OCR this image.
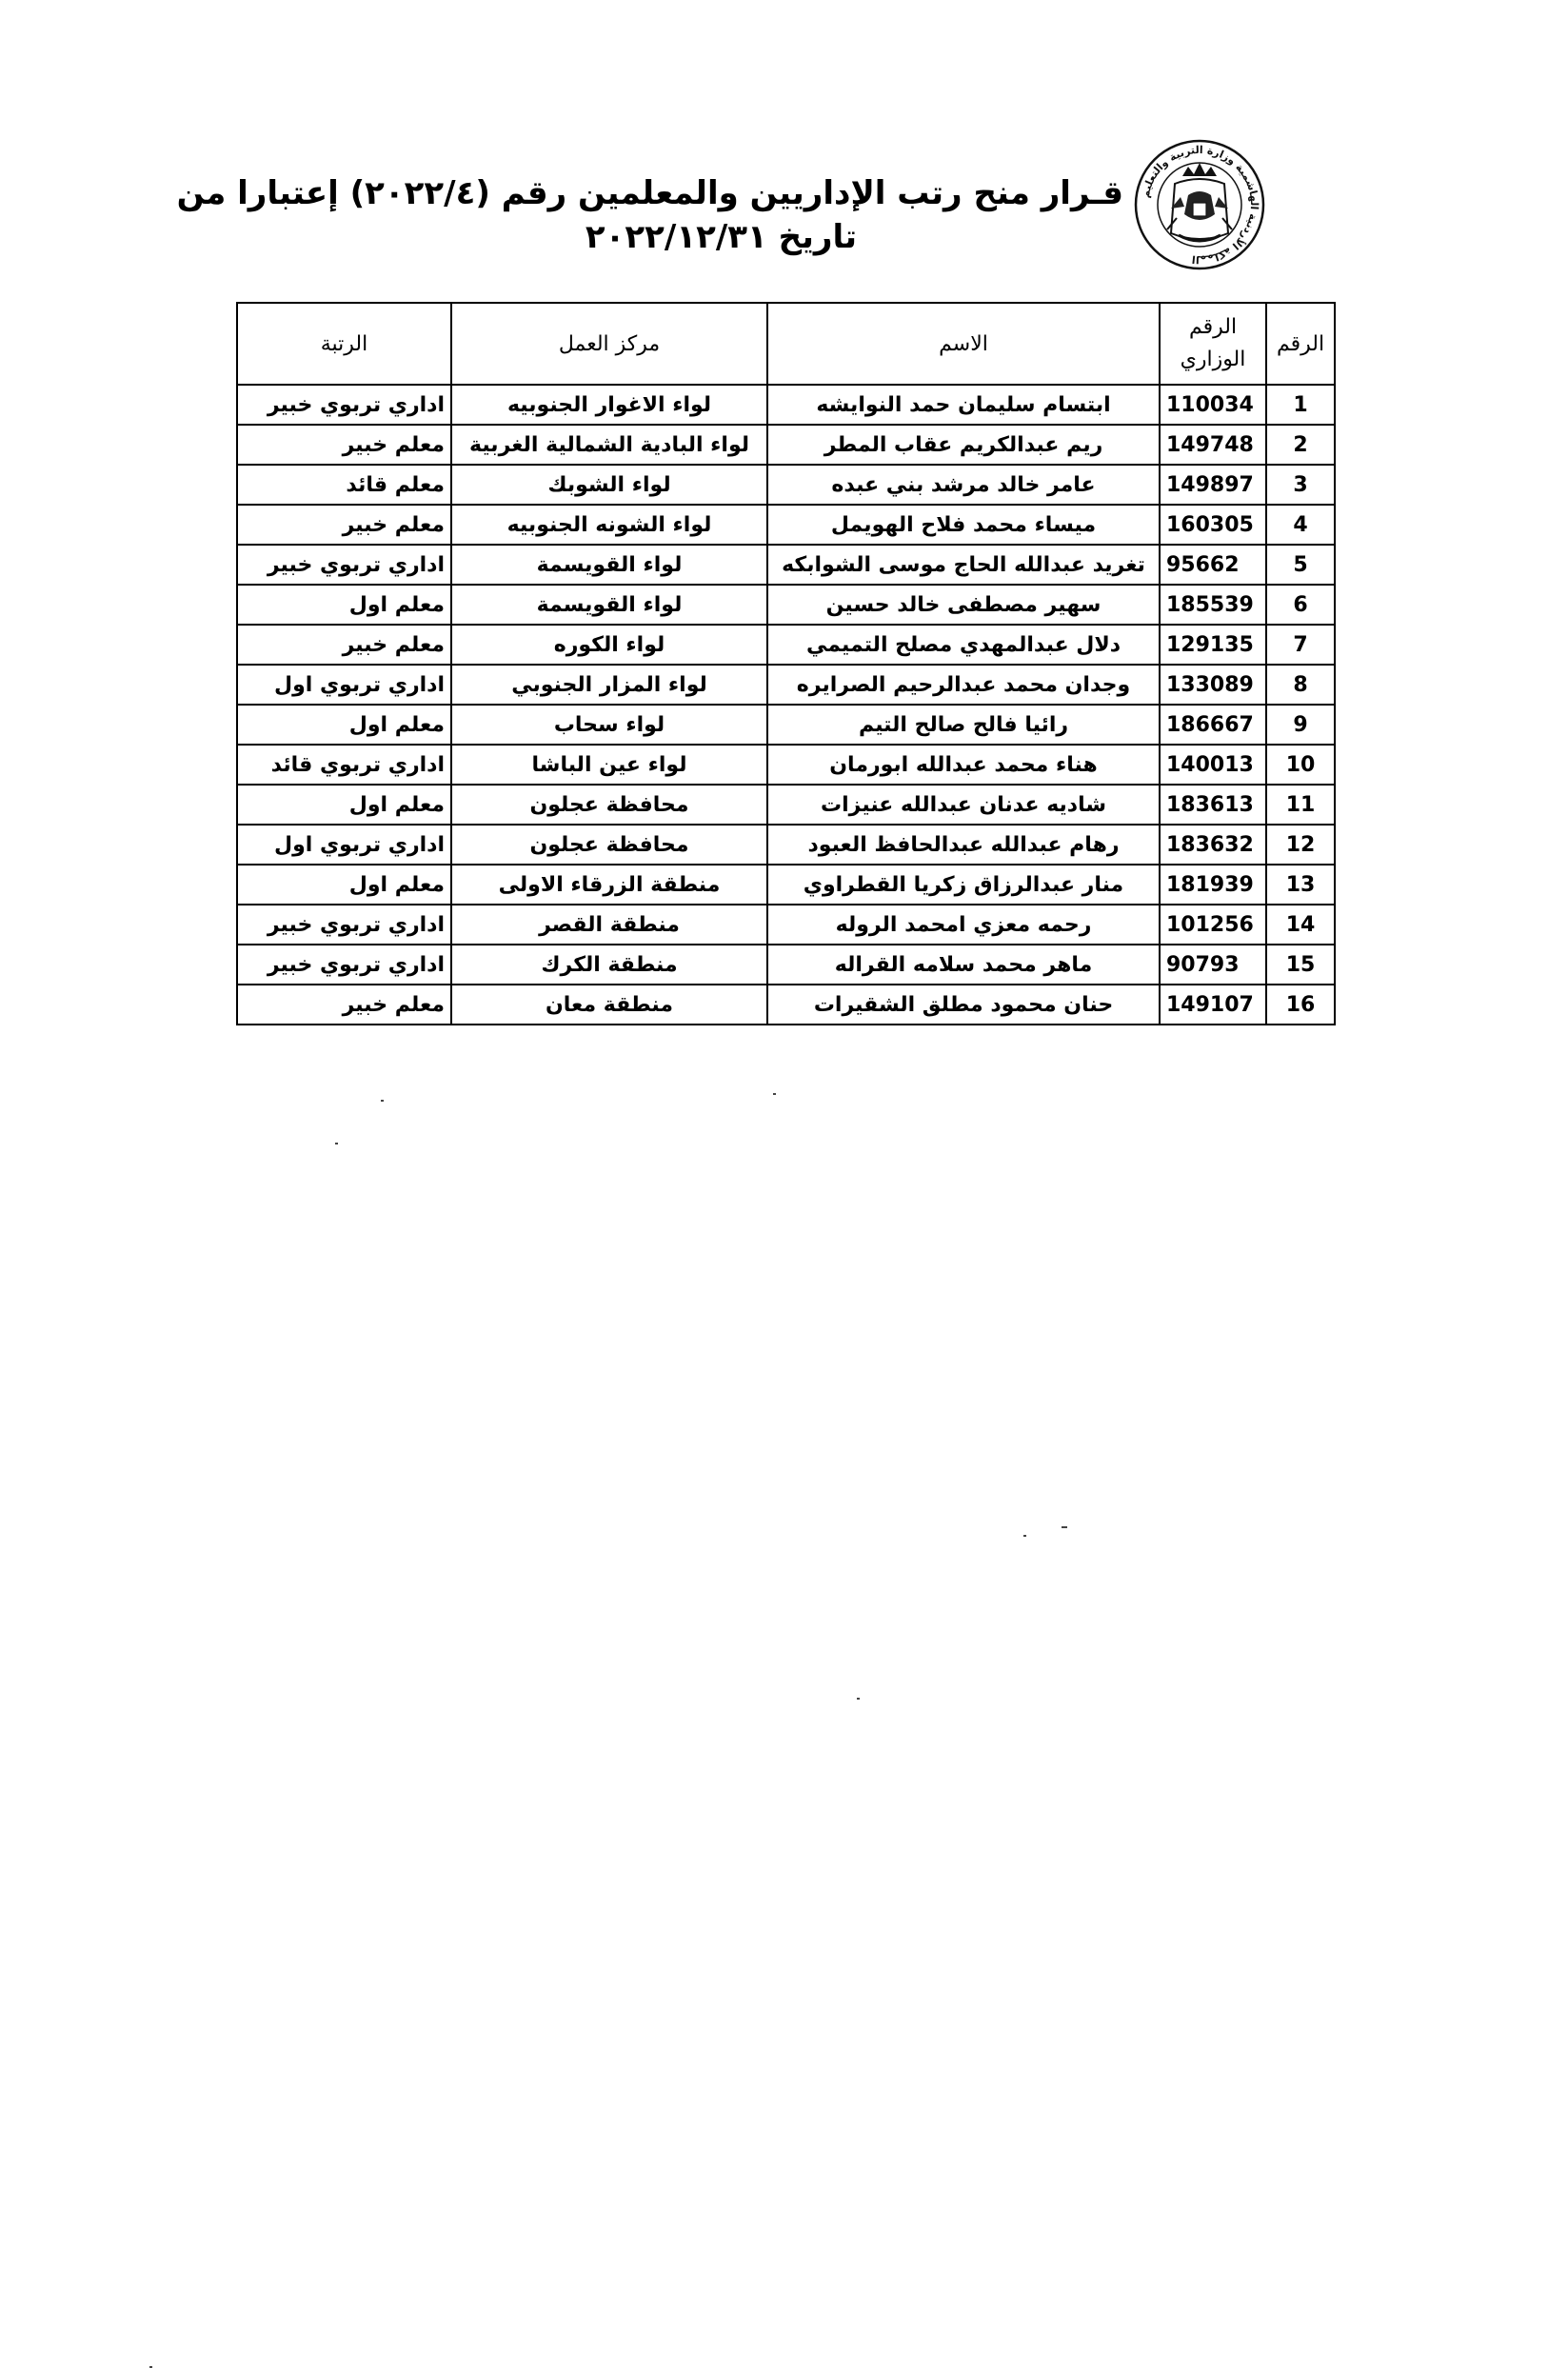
المملكة الأردنية الهاشمية وزارة التربية والتعليم
قـرار منح رتب الإداريين والمعلمين رقم (٢٠٢٢/٤) إعتبارا من
تاريخ ٢٠٢٢/١٢/٣١
الرقم	الرقم الوزاري	الاسم	مركز العمل	الرتبة
1	110034	ابتسام سليمان حمد النوايشه	لواء الاغوار الجنوبيه	اداري تربوي خبير
2	149748	ريم عبدالكريم عقاب المطر	لواء البادية الشمالية الغربية	معلم خبير
3	149897	عامر خالد مرشد بني عبده	لواء الشوبك	معلم قائد
4	160305	ميساء محمد فلاح الهويمل	لواء الشونه الجنوبيه	معلم خبير
5	95662	تغريد عبدالله الحاج موسى الشوابكه	لواء القويسمة	اداري تربوي خبير
6	185539	سهير مصطفى خالد حسين	لواء القويسمة	معلم اول
7	129135	دلال عبدالمهدي مصلح التميمي	لواء الكوره	معلم خبير
8	133089	وجدان محمد عبدالرحيم الصرايره	لواء المزار الجنوبي	اداري تربوي اول
9	186667	رائيا فالح صالح التيم	لواء سحاب	معلم اول
10	140013	هناء محمد عبدالله ابورمان	لواء عين الباشا	اداري تربوي قائد
11	183613	شاديه عدنان عبدالله عنيزات	محافظة عجلون	معلم اول
12	183632	رهام عبدالله عبدالحافظ العبود	محافظة عجلون	اداري تربوي اول
13	181939	منار عبدالرزاق زكريا القطراوي	منطقة الزرقاء الاولى	معلم اول
14	101256	رحمه معزي امحمد الروله	منطقة القصر	اداري تربوي خبير
15	90793	ماهر محمد سلامه القراله	منطقة الكرك	اداري تربوي خبير
16	149107	حنان محمود مطلق الشقيرات	منطقة معان	معلم خبير
